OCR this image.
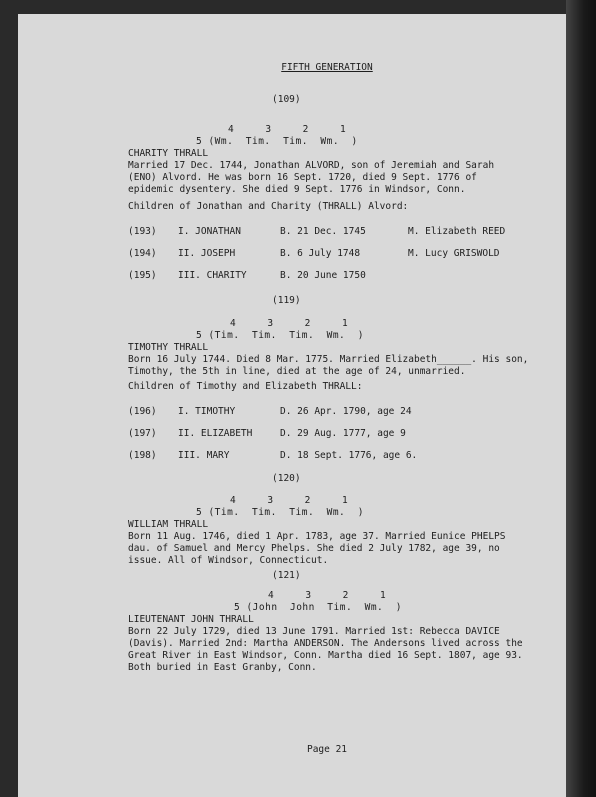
FIFTH GENERATION
(109)
4     3     2     1
5 (Wm.  Tim.  Tim.  Wm.  )
CHARITY THRALL
Married 17 Dec. 1744, Jonathan ALVORD, son of Jeremiah and Sarah (ENO) Alvord. He was born 16 Sept. 1720, died 9 Sept. 1776 of epidemic dysentery. She died 9 Sept. 1776 in Windsor, Conn.
Children of Jonathan and Charity (THRALL) Alvord:
(193) I. JONATHAN	B. 21 Dec. 1745	M. Elizabeth REED
(194) II. JOSEPH	B. 6 July 1748	M. Lucy GRISWOLD
(195) III. CHARITY	B. 20 June 1750
(119)
4     3     2     1
5 (Tim.  Tim.  Tim.  Wm.  )
TIMOTHY THRALL
Born 16 July 1744. Died 8 Mar. 1775. Married Elizabeth______. His son, Timothy, the 5th in line, died at the age of 24, unmarried.
Children of Timothy and Elizabeth THRALL:
(196) I. TIMOTHY	D. 26 Apr. 1790, age 24
(197) II. ELIZABETH	D. 29 Aug. 1777, age 9
(198) III. MARY	D. 18 Sept. 1776, age 6.
(120)
4     3     2     1
5 (Tim.  Tim.  Tim.  Wm.  )
WILLIAM THRALL
Born 11 Aug. 1746, died 1 Apr. 1783, age 37. Married Eunice PHELPS dau. of Samuel and Mercy Phelps. She died 2 July 1782, age 39, no issue. All of Windsor, Connecticut.
(121)
4     3     2     1
5 (John  John  Tim.  Wm.  )
LIEUTENANT JOHN THRALL
Born 22 July 1729, died 13 June 1791. Married 1st: Rebecca DAVICE (Davis). Married 2nd: Martha ANDERSON. The Andersons lived across the Great River in East Windsor, Conn. Martha died 16 Sept. 1807, age 93. Both buried in East Granby, Conn.
Page 21
